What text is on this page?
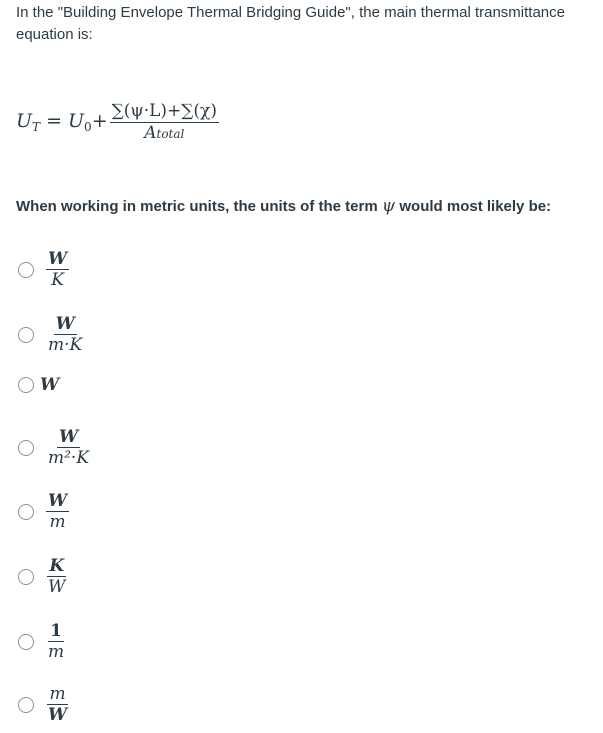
In the "Building Envelope Thermal Bridging Guide", the main thermal transmittance equation is:
$U_T = U_0+ \frac{\sum(\psi\cdot L)+\sum(\chi)}{\text{Atotal}}$
When working in metric units, the units of the term ψ would most likely be:
$\frac{W}{K}$
$\frac{W}{m\cdot K}$
W
$\frac{W}{\text{m²·K}}$
$\frac{W}{m}$
$\frac{K}{W}$
$\frac{1}{m}$
$\frac{m}{W}$
